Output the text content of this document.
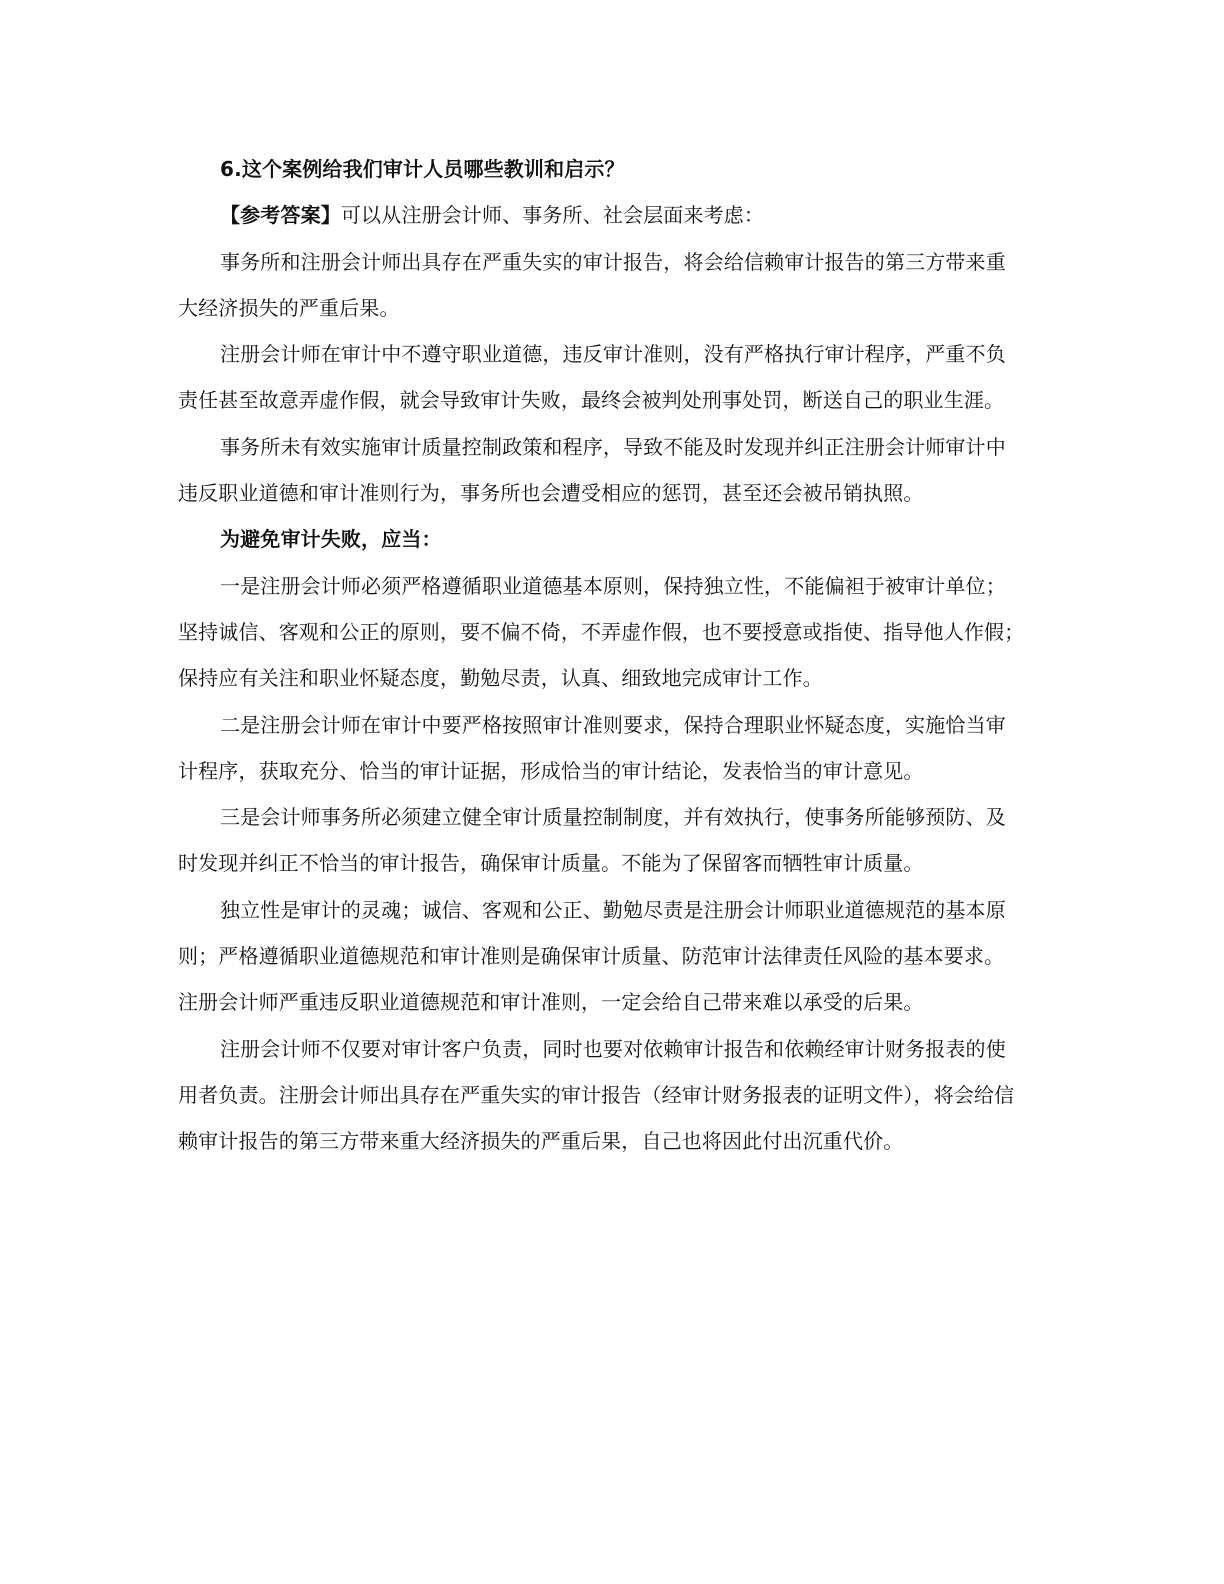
6.这个案例给我们审计人员哪些教训和启示？
【参考答案】可以从注册会计师、事务所、社会层面来考虑：
事务所和注册会计师出具存在严重失实的审计报告，将会给信赖审计报告的第三方带来重
大经济损失的严重后果。
注册会计师在审计中不遵守职业道德，违反审计准则，没有严格执行审计程序，严重不负
责任甚至故意弄虚作假，就会导致审计失败，最终会被判处刑事处罚，断送自己的职业生涯。
事务所未有效实施审计质量控制政策和程序，导致不能及时发现并纠正注册会计师审计中
违反职业道德和审计准则行为，事务所也会遭受相应的惩罚，甚至还会被吊销执照。
为避免审计失败，应当：
一是注册会计师必须严格遵循职业道德基本原则，保持独立性，不能偏袒于被审计单位；
坚持诚信、客观和公正的原则，要不偏不倚，不弄虚作假，也不要授意或指使、指导他人作假；
保持应有关注和职业怀疑态度，勤勉尽责，认真、细致地完成审计工作。
二是注册会计师在审计中要严格按照审计准则要求，保持合理职业怀疑态度，实施恰当审
计程序，获取充分、恰当的审计证据，形成恰当的审计结论，发表恰当的审计意见。
三是会计师事务所必须建立健全审计质量控制制度，并有效执行，使事务所能够预防、及
时发现并纠正不恰当的审计报告，确保审计质量。不能为了保留客而牺牲审计质量。
独立性是审计的灵魂；诚信、客观和公正、勤勉尽责是注册会计师职业道德规范的基本原
则；严格遵循职业道德规范和审计准则是确保审计质量、防范审计法律责任风险的基本要求。
注册会计师严重违反职业道德规范和审计准则，一定会给自己带来难以承受的后果。
注册会计师不仅要对审计客户负责，同时也要对依赖审计报告和依赖经审计财务报表的使
用者负责。注册会计师出具存在严重失实的审计报告（经审计财务报表的证明文件），将会给信
赖审计报告的第三方带来重大经济损失的严重后果，自己也将因此付出沉重代价。
